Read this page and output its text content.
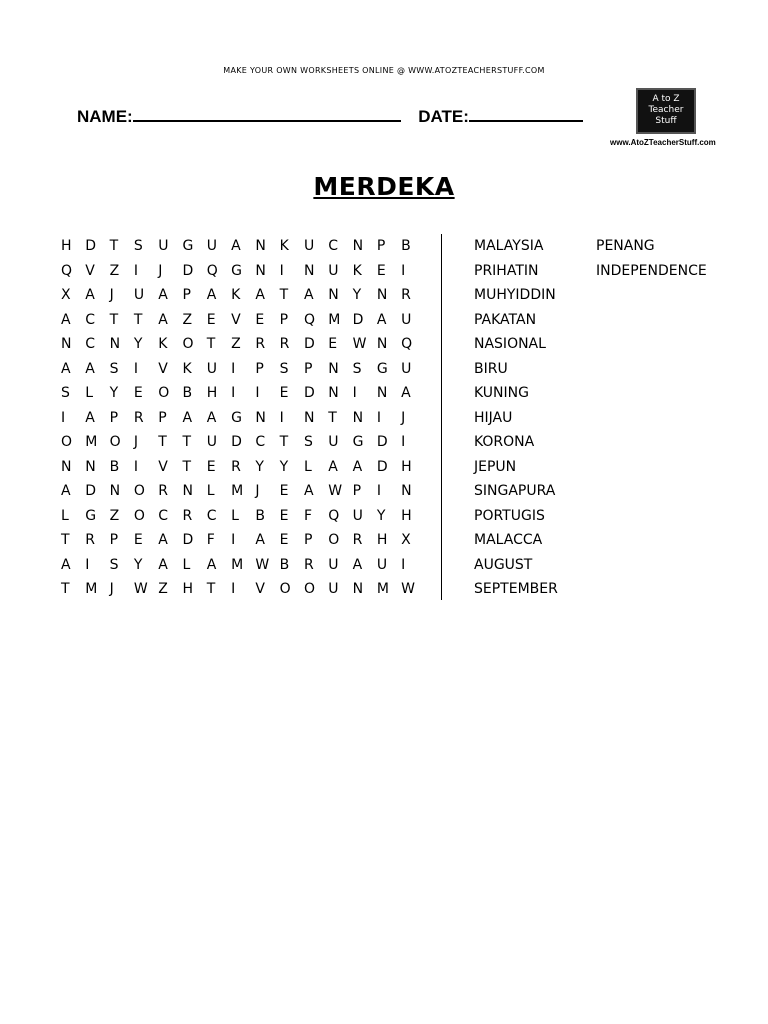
MAKE YOUR OWN WORKSHEETS ONLINE @ WWW.ATOZTEACHERSTUFF.COM
NAME:	DATE:
A to Z
Teacher
Stuff
www.AtoZTeacherStuff.com
MERDEKA
H D T	S	U	G U	A	N K	U	C	N P	B
Q V	Z	I	J	D Q G N I	N U	K	E	I
X	A	J	U	A	P	A	K	A	T	A	N Y	N R
A	C	T	T	A	Z	E	V	E	P	Q M D A	U
N C	N Y	K	O T	Z	R	R	D E	W N Q
A	A	S	I	V	K	U	I	P	S	P	N S	G U
S	L	Y	E	O B	H I	I	E	D N I	N A
I	A	P	R	P	A	A	G N I	N T	N I	J
O M O J	T	T	U	D C	T	S	U	G D I
N N B	I	V	T	E	R	Y	Y	L	A	A	D H
A	D N O R	N L	M J	E	A	W P	I	N
L	G Z	O C	R	C	L	B	E	F	Q U	Y	H
T	R	P	E	A	D F	I	A	E	P	O R	H X
A	I	S	Y	A	L	A	M W B	R	U	A	U	I
T	M J	W Z	H T	I	V	O O U	N M W
MALAYSIA
PRIHATIN
MUHYIDDIN
PAKATAN
NASIONAL
BIRU
KUNING
HIJAU
KORONA
JEPUN
SINGAPURA
PORTUGIS
MALACCA
AUGUST
SEPTEMBER
PENANG
INDEPENDENCE
